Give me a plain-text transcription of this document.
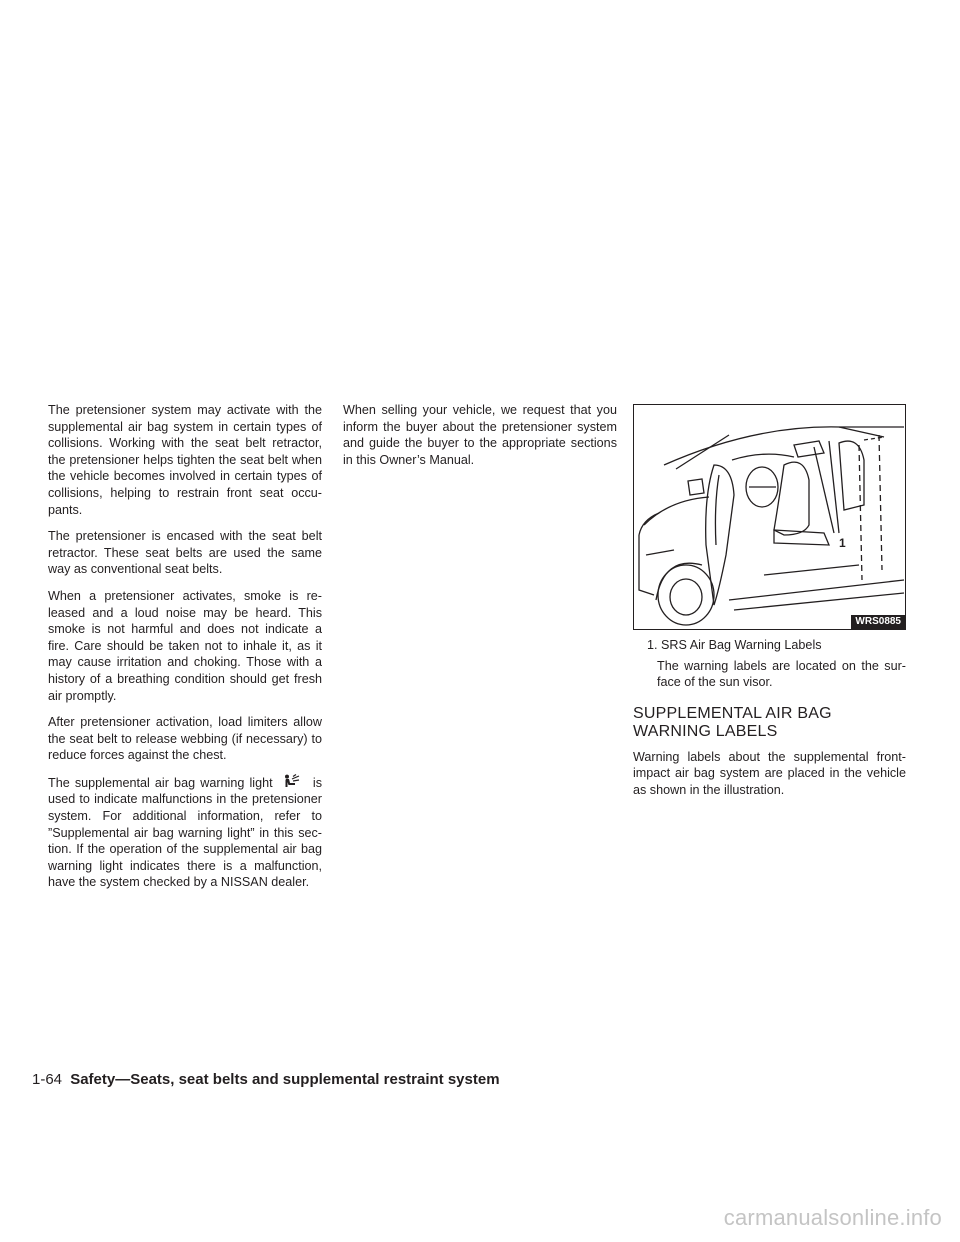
The pretensioner system may activate with the supplemental air bag system in certain types of collisions. Working with the seat belt retractor, the pretensioner helps tighten the seat belt when the vehicle becomes involved in certain types of collisions, helping to restrain front seat occu-pants.

The pretensioner is encased with the seat belt retractor. These seat belts are used the same way as conventional seat belts.

When a pretensioner activates, smoke is re-leased and a loud noise may be heard. This smoke is not harmful and does not indicate a fire. Care should be taken not to inhale it, as it may cause irritation and choking. Those with a history of a breathing condition should get fresh air promptly.

After pretensioner activation, load limiters allow the seat belt to release webbing (if necessary) to reduce forces against the chest.

The supplemental air bag warning light	is used to indicate malfunctions in the pretensioner system. For additional information, refer to ”Supplemental air bag warning light” in this sec-tion. If the operation of the supplemental air bag warning light indicates there is a malfunction, have the system checked by a NISSAN dealer.

When selling your vehicle, we request that you inform the buyer about the pretensioner system and guide the buyer to the appropriate sections in this Owner’s Manual.

1
WRS0885
1. SRS Air Bag Warning Labels
The warning labels are located on the sur-face of the sun visor.
SUPPLEMENTAL AIR BAG
WARNING LABELS

Warning labels about the supplemental front-impact air bag system are placed in the vehicle as shown in the illustration.

1-64 Safety—Seats, seat belts and supplemental restraint system
carmanualsonline.info
